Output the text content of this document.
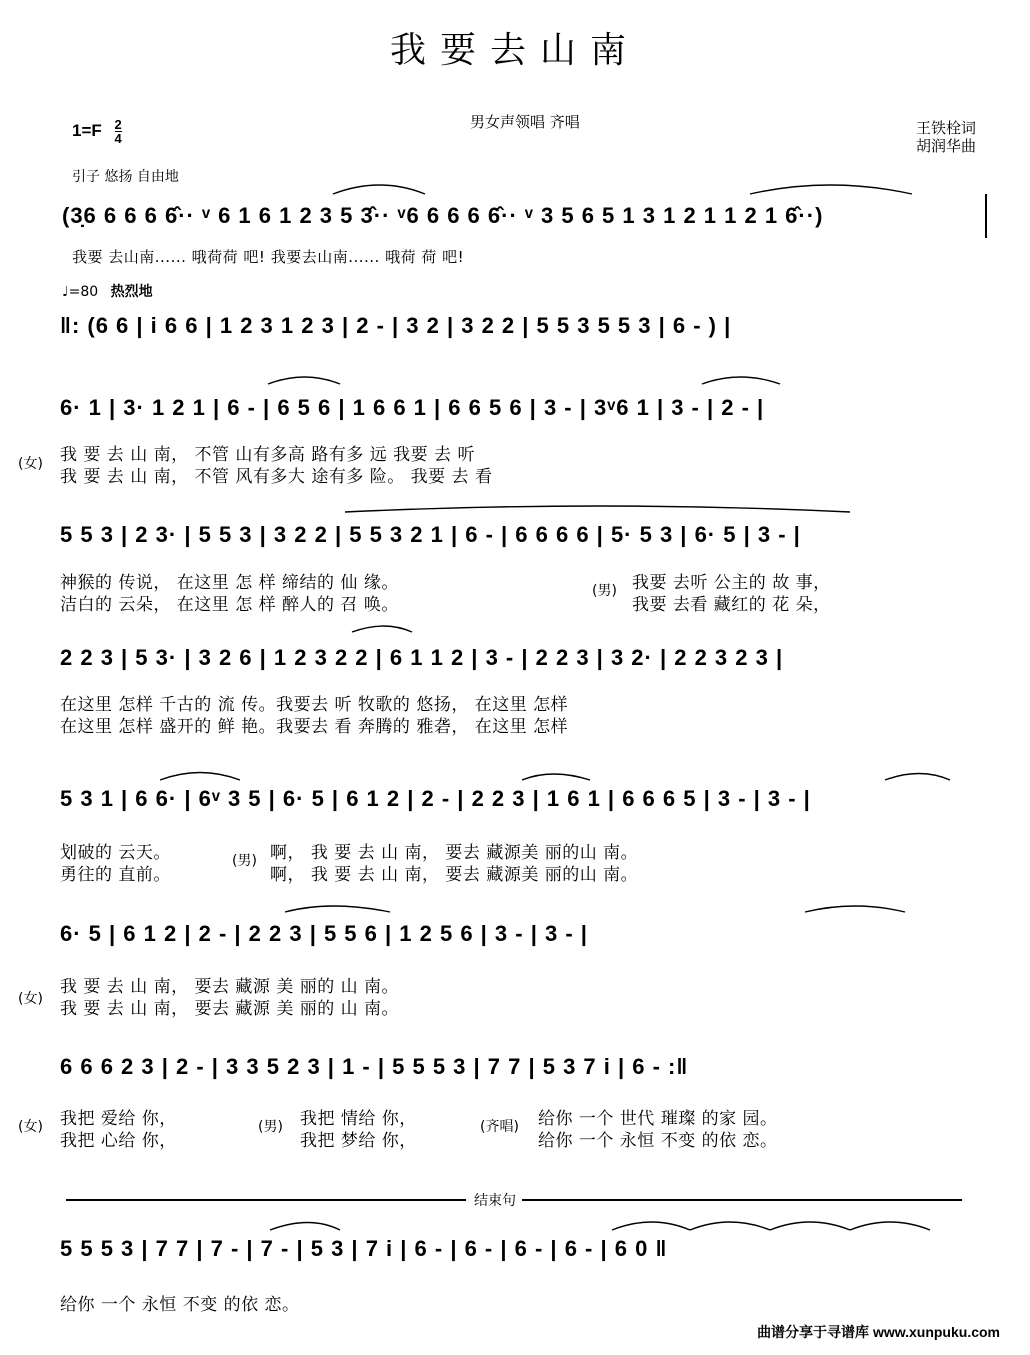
我要去山南
$1=F \frac{2}{4}$	男女声领唱 齐唱	王铁栓词
胡润华曲
引子 悠扬 自由地
(3̣6 6 6 6 6̂·· ᵛ 6 1 6 1 2 3 5 3̂·· ᵛ6 6 6 6 6̂·· ᵛ 3 5 6 5 1 3 1 2 1 1 2 1 6̂··)
我要 去山南...... 哦荷荷 吧! 我要去山南...... 哦荷 荷 吧!
♩=80 热烈地
‖: (6 6 | i 6 6 | 1 2 3 1 2 3 | 2 - | 3 2 | 3 2 2 | 5 5 3 5 5 3 | 6 - ) |
6· 1 | 3· 1 2 1 | 6 - | 6 5 6 | 1 6 6 1 | 6 6 5 6 | 3 - | 3ᵛ6 1 | 3 - | 2 - |
(女) 我 要 去 山 南， 不管 山有多高 路有多 远 我要 去 听
我 要 去 山 南， 不管 风有多大 途有多 险。 我要 去 看
5 5 3 | 2 3· | 5 5 3 | 3 2 2 | 5 5 3 2 1 | 6 - | 6 6 6 6 | 5· 5 3 | 6· 5 | 3 - |
神猴的 传说， 在这里 怎 样 缔结的 仙 缘。
洁白的 云朵， 在这里 怎 样 醉人的 召 唤。
(男) 我要 去听 公主的 故 事，
我要 去看 藏红的 花 朵，
2 2 3 | 5 3· | 3 2 6 | 1 2 3 2 2 | 6 1 1 2 | 3 - | 2 2 3 | 3 2· | 2 2 3 2 3 |
在这里 怎样 千古的 流 传。我要去 听 牧歌的 悠扬， 在这里 怎样
在这里 怎样 盛开的 鲜 艳。我要去 看 奔腾的 雅砻， 在这里 怎样
5 3 1 | 6 6· | 6ᵛ 3 5 | 6· 5 | 6 1 2 | 2 - | 2 2 3 | 1 6 1 | 6 6 6 5 | 3 - | 3 - |
划破的 云天。
勇往的 直前。
(男) 啊， 我 要 去 山 南， 要去 藏源美 丽的山 南。
啊， 我 要 去 山 南， 要去 藏源美 丽的山 南。
6· 5 | 6 1 2 | 2 - | 2 2 3 | 5 5 6 | 1 2 5 6 | 3 - | 3 - |
(女)
我 要 去 山 南， 要去 藏源 美 丽的 山 南。
我 要 去 山 南， 要去 藏源 美 丽的 山 南。
6 6 6 2 3 | 2 - | 3 3 5 2 3 | 1 - | 5 5 5 3 | 7 7 | 5 3 7 i | 6 - :‖
(女) 我把 爱给 你，
我把 心给 你，
(男) 我把 情给 你，
我把 梦给 你，
(齐唱) 给你 一个 世代 璀璨 的家 园。
给你 一个 永恒 不变 的依 恋。
结束句
5 5 5 3 | 7 7 | 7 - | 7 - | 5 3 | 7 i | 6 - | 6 - | 6 - | 6 - | 6 0 ‖
给你 一个 永恒 不变 的依 恋。
曲谱分享于寻谱库 www.xunpuku.com
